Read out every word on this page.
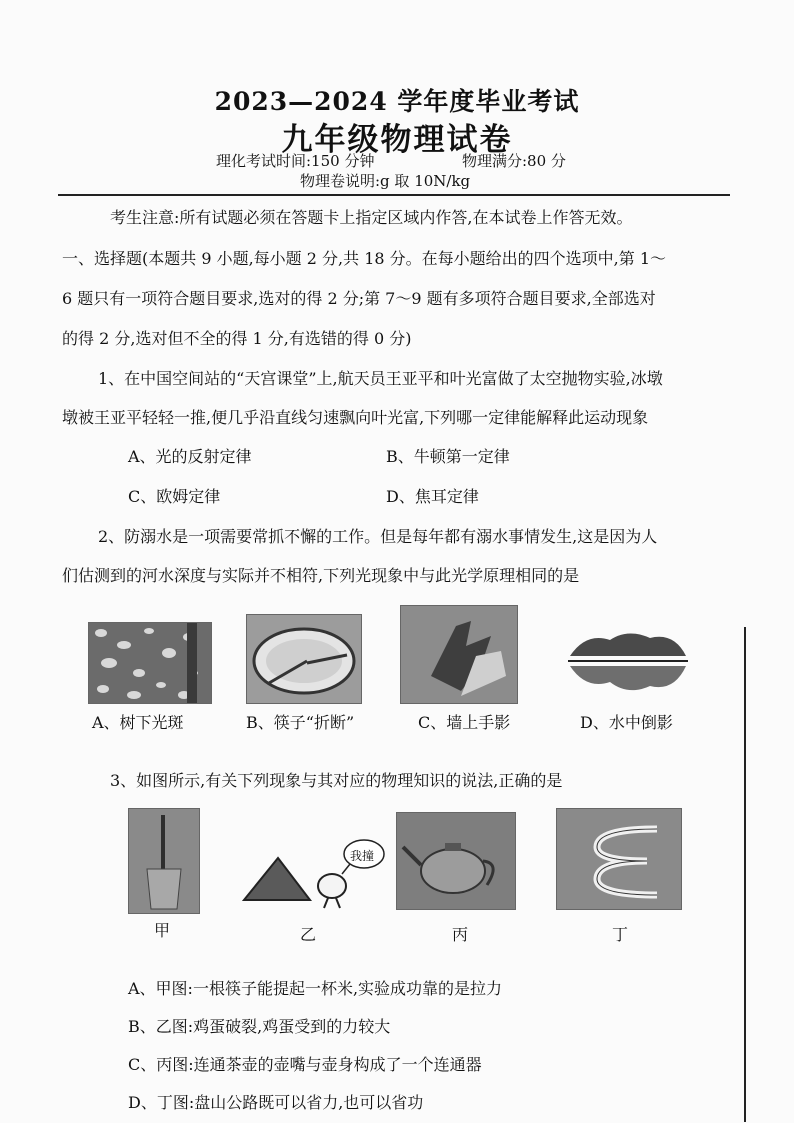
2023—2024 学年度毕业考试
九年级物理试卷
理化考试时间:150 分钟	物理满分:80 分
物理卷说明:g 取 10N/kg
考生注意:所有试题必须在答题卡上指定区域内作答,在本试卷上作答无效。
一、选择题(本题共 9 小题,每小题 2 分,共 18 分。在每小题给出的四个选项中,第 1～
6 题只有一项符合题目要求,选对的得 2 分;第 7～9 题有多项符合题目要求,全部选对
的得 2 分,选对但不全的得 1 分,有选错的得 0 分)
1、在中国空间站的“天宫课堂”上,航天员王亚平和叶光富做了太空抛物实验,冰墩
墩被王亚平轻轻一推,便几乎沿直线匀速飘向叶光富,下列哪一定律能解释此运动现象
A、光的反射定律	B、牛顿第一定律
C、欧姆定律	D、焦耳定律
2、防溺水是一项需要常抓不懈的工作。但是每年都有溺水事情发生,这是因为人
们估测到的河水深度与实际并不相符,下列光现象中与此光学原理相同的是
A、树下光斑	B、筷子“折断”	C、墙上手影	D、水中倒影
3、如图所示,有关下列现象与其对应的物理知识的说法,正确的是
我撞
甲	乙	丙	丁
A、甲图:一根筷子能提起一杯米,实验成功靠的是拉力
B、乙图:鸡蛋破裂,鸡蛋受到的力较大
C、丙图:连通茶壶的壶嘴与壶身构成了一个连通器
D、丁图:盘山公路既可以省力,也可以省功
